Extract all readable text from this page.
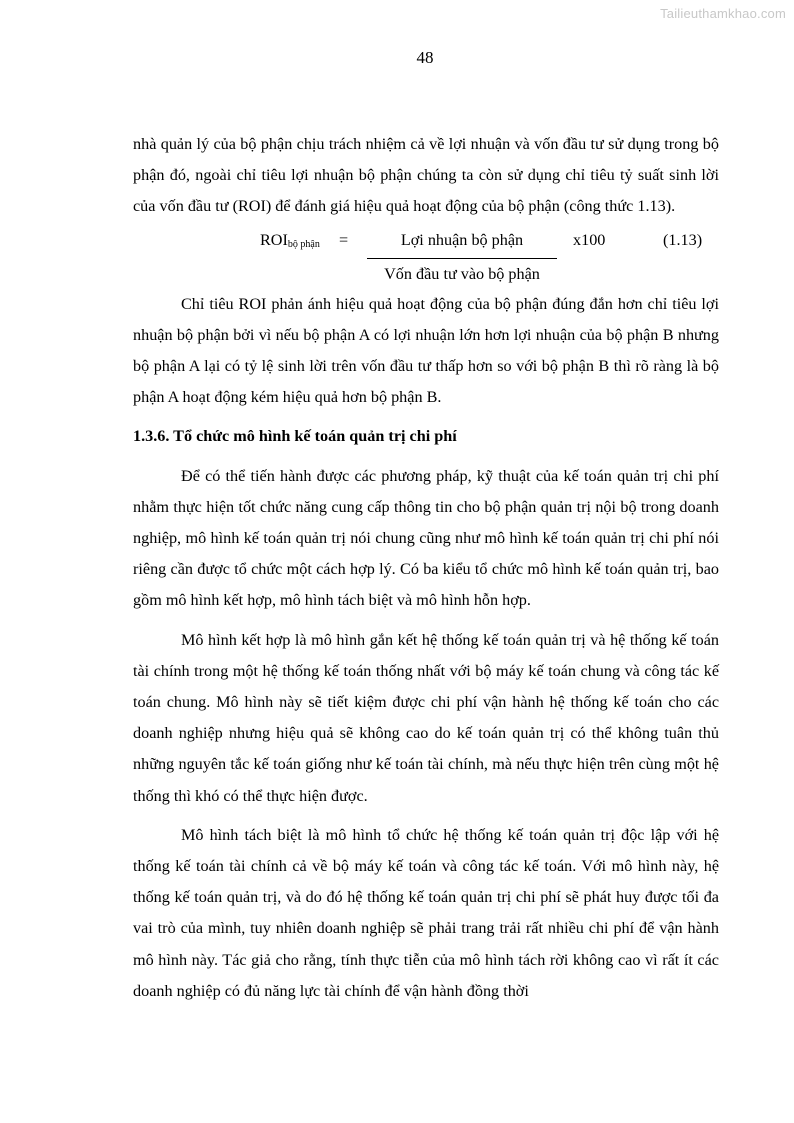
Tailieuthamkhao.com
48

nhà quản lý của bộ phận chịu trách nhiệm cả về lợi nhuận và vốn đầu tư sử dụng trong bộ phận đó, ngoài chỉ tiêu lợi nhuận bộ phận chúng ta còn sử dụng chỉ tiêu tỷ suất sinh lời của vốn đầu tư (ROI) để đánh giá hiệu quả hoạt động của bộ phận (công thức 1.13).

$ROI_{bộ phận}$ =	Lợi nhuận bộ phận
Vốn đầu tư vào bộ phận
x100	(1.13)

Chỉ tiêu ROI phản ánh hiệu quả hoạt động của bộ phận đúng đắn hơn chỉ tiêu lợi nhuận bộ phận bởi vì nếu bộ phận A có lợi nhuận lớn hơn lợi nhuận của bộ phận B nhưng bộ phận A lại có tỷ lệ sinh lời trên vốn đầu tư thấp hơn so với bộ phận B thì rõ ràng là bộ phận A hoạt động kém hiệu quả hơn bộ phận B.

1.3.6. Tổ chức mô hình kế toán quản trị chi phí

Để có thể tiến hành được các phương pháp, kỹ thuật của kế toán quản trị chi phí nhằm thực hiện tốt chức năng cung cấp thông tin cho bộ phận quản trị nội bộ trong doanh nghiệp, mô hình kế toán quản trị nói chung cũng như mô hình kế toán quản trị chi phí nói riêng cần được tổ chức một cách hợp lý. Có ba kiểu tổ chức mô hình kế toán quản trị, bao gồm mô hình kết hợp, mô hình tách biệt và mô hình hỗn hợp.

Mô hình kết hợp là mô hình gắn kết hệ thống kế toán quản trị và hệ thống kế toán tài chính trong một hệ thống kế toán thống nhất với bộ máy kế toán chung và công tác kế toán chung. Mô hình này sẽ tiết kiệm được chi phí vận hành hệ thống kế toán cho các doanh nghiệp nhưng hiệu quả sẽ không cao do kế toán quản trị có thể không tuân thủ những nguyên tắc kế toán giống như kế toán tài chính, mà nếu thực hiện trên cùng một hệ thống thì khó có thể thực hiện được.

Mô hình tách biệt là mô hình tổ chức hệ thống kế toán quản trị độc lập với hệ thống kế toán tài chính cả về bộ máy kế toán và công tác kế toán. Với mô hình này, hệ thống kế toán quản trị, và do đó hệ thống kế toán quản trị chi phí sẽ phát huy được tối đa vai trò của mình, tuy nhiên doanh nghiệp sẽ phải trang trải rất nhiều chi phí để vận hành mô hình này. Tác giả cho rằng, tính thực tiễn của mô hình tách rời không cao vì rất ít các doanh nghiệp có đủ năng lực tài chính để vận hành đồng thời
